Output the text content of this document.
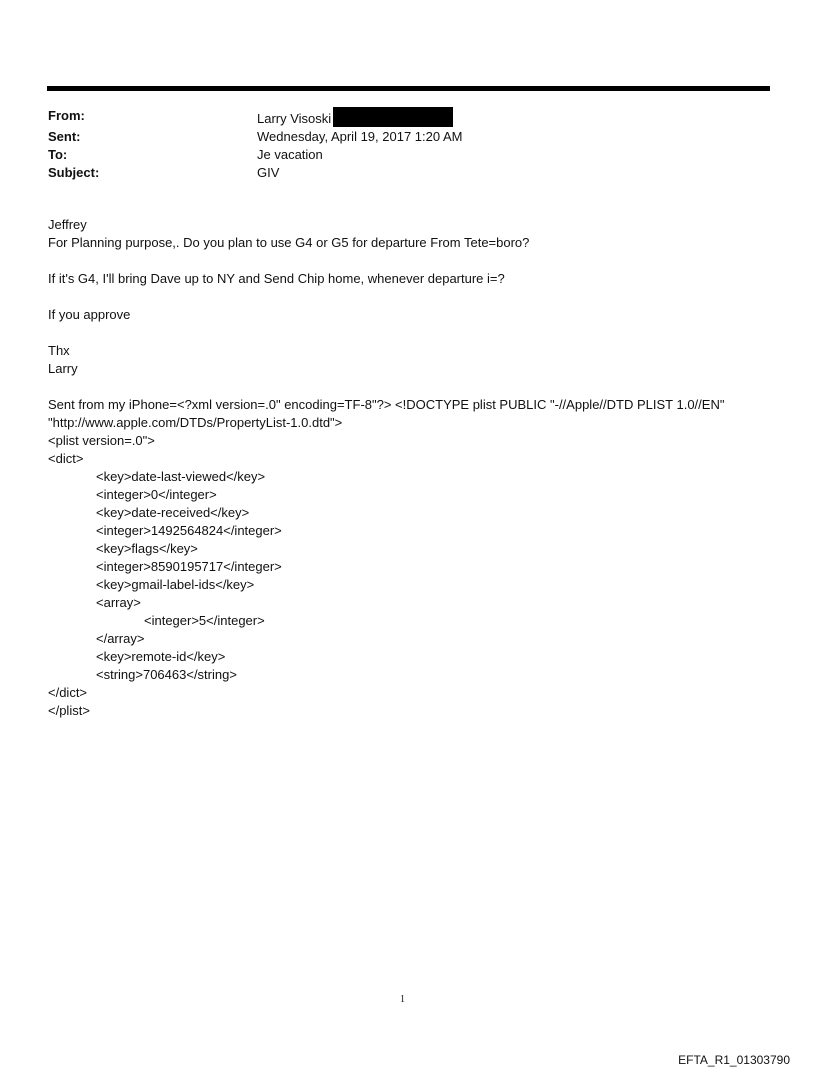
From:	Larry Visoski
Sent:	Wednesday, April 19, 2017 1:20 AM
To:	Je vacation
Subject:	GIV
Jeffrey
For Planning purpose,. Do you plan to use G4 or G5 for departure From Tete=boro?
If it's G4, I'll bring Dave up to NY and Send Chip home, whenever departure i=?
If you approve
Thx
Larry
Sent from my iPhone=<?xml version=.0" encoding=TF-8"?> <!DOCTYPE plist PUBLIC "-//Apple//DTD PLIST 1.0//EN"
"http://www.apple.com/DTDs/PropertyList-1.0.dtd">
<plist version=.0">
<dict>
<key>date-last-viewed</key>
<integer>0</integer>
<key>date-received</key>
<integer>1492564824</integer>
<key>flags</key>
<integer>8590195717</integer>
<key>gmail-label-ids</key>
<array>
<integer>5</integer>
</array>
<key>remote-id</key>
<string>706463</string>
</dict>
</plist>
1
EFTA_R1_01303790
